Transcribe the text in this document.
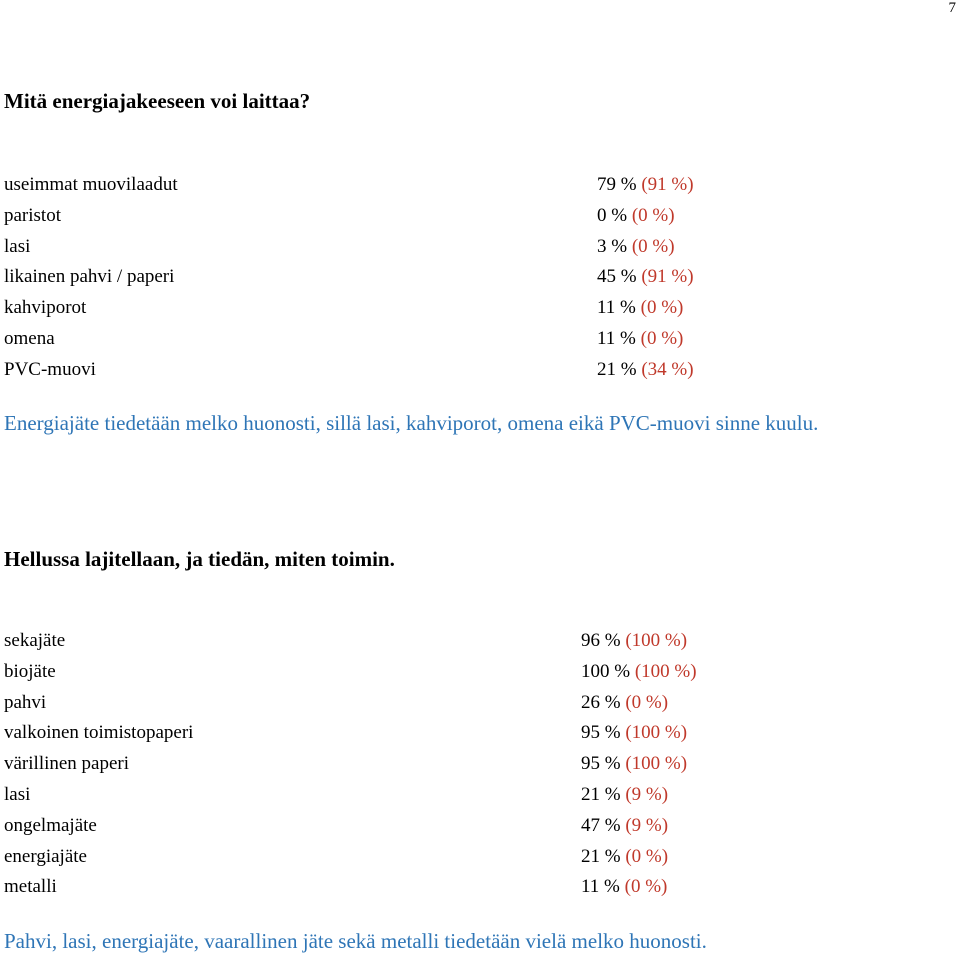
7
Mitä energiajakeeseen voi laittaa?
useimmat muovilaadut	79 % (91 %)
paristot	0 % (0 %)
lasi	3 % (0 %)
likainen pahvi / paperi	45 % (91 %)
kahviporot	11 % (0 %)
omena	11 % (0 %)
PVC-muovi	21 % (34 %)

Energiajäte tiedetään melko huonosti, sillä lasi, kahviporot, omena eikä PVC-muovi sinne kuulu.

Hellussa lajitellaan, ja tiedän, miten toimin.
sekajäte	96 % (100 %)
biojäte	100 % (100 %)
pahvi	26 % (0 %)
valkoinen toimistopaperi	95 % (100 %)
värillinen paperi	95 % (100 %)
lasi	21 % (9 %)
ongelmajäte	47 % (9 %)
energiajäte	21 % (0 %)
metalli	11 % (0 %)

Pahvi, lasi, energiajäte, vaarallinen jäte sekä metalli tiedetään vielä melko huonosti.
